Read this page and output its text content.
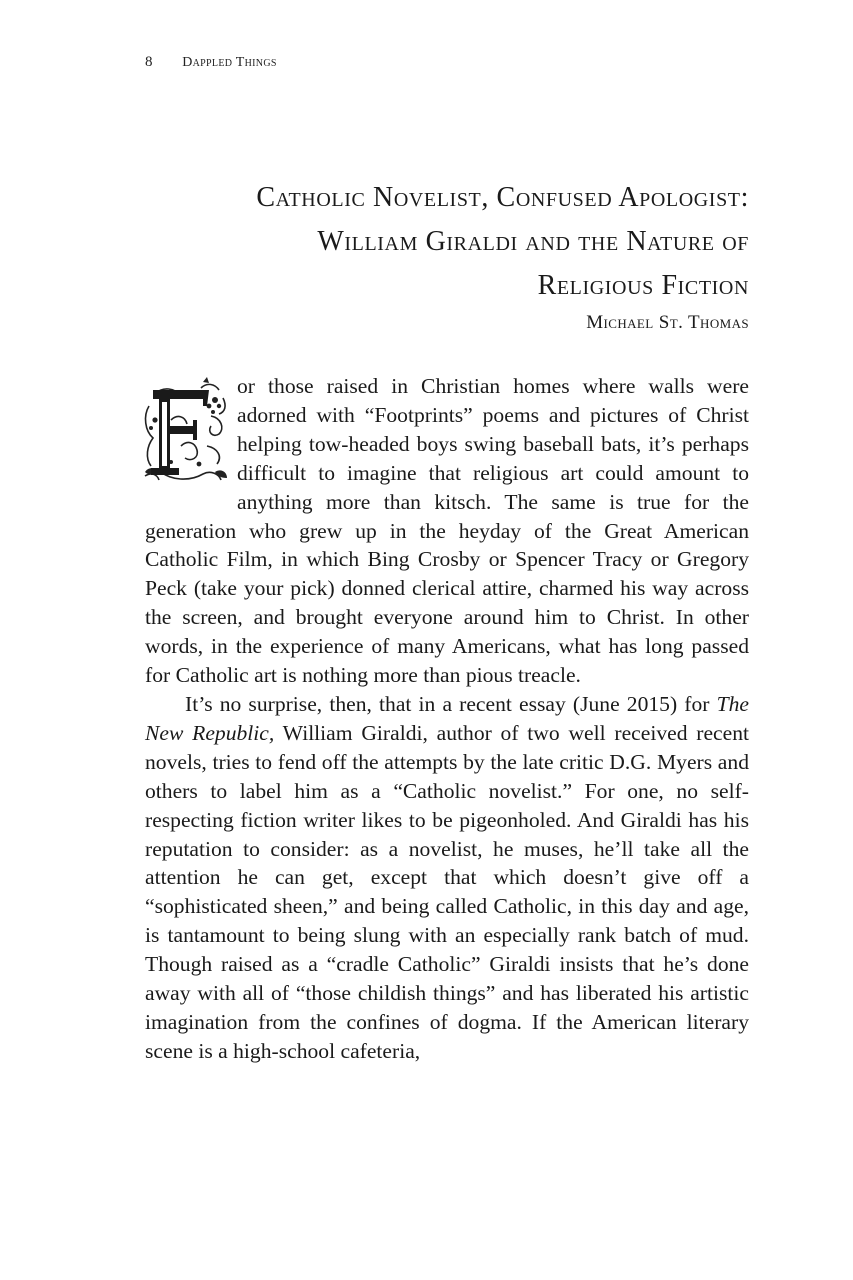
8 Dappled Things
Catholic Novelist, Confused Apologist:
William Giraldi and the Nature of
Religious Fiction
Michael St. Thomas

or those raised in Christian homes where walls were adorned with “Footprints” poems and pictures of Christ helping tow-headed boys swing baseball bats, it’s perhaps difficult to imagine that religious art could amount to anything more than kitsch. The same is true for the generation who grew up in the heyday of the Great American Catholic Film, in which Bing Crosby or Spencer Tracy or Gregory Peck (take your pick) donned clerical attire, charmed his way across the screen, and brought everyone around him to Christ. In other words, in the experience of many Americans, what has long passed for Catholic art is nothing more than pious treacle.

It’s no surprise, then, that in a recent essay (June 2015) for The New Republic, William Giraldi, author of two well received recent novels, tries to fend off the attempts by the late critic D.G. Myers and others to label him as a “Catholic novelist.” For one, no self-respecting fiction writer likes to be pigeonholed. And Giraldi has his reputation to consider: as a novelist, he muses, he’ll take all the attention he can get, except that which doesn’t give off a “sophisticated sheen,” and being called Catholic, in this day and age, is tantamount to being slung with an especially rank batch of mud. Though raised as a “cradle Catholic” Giraldi insists that he’s done away with all of “those childish things” and has liberated his artistic imagination from the confines of dogma. If the American literary scene is a high-school cafeteria,
